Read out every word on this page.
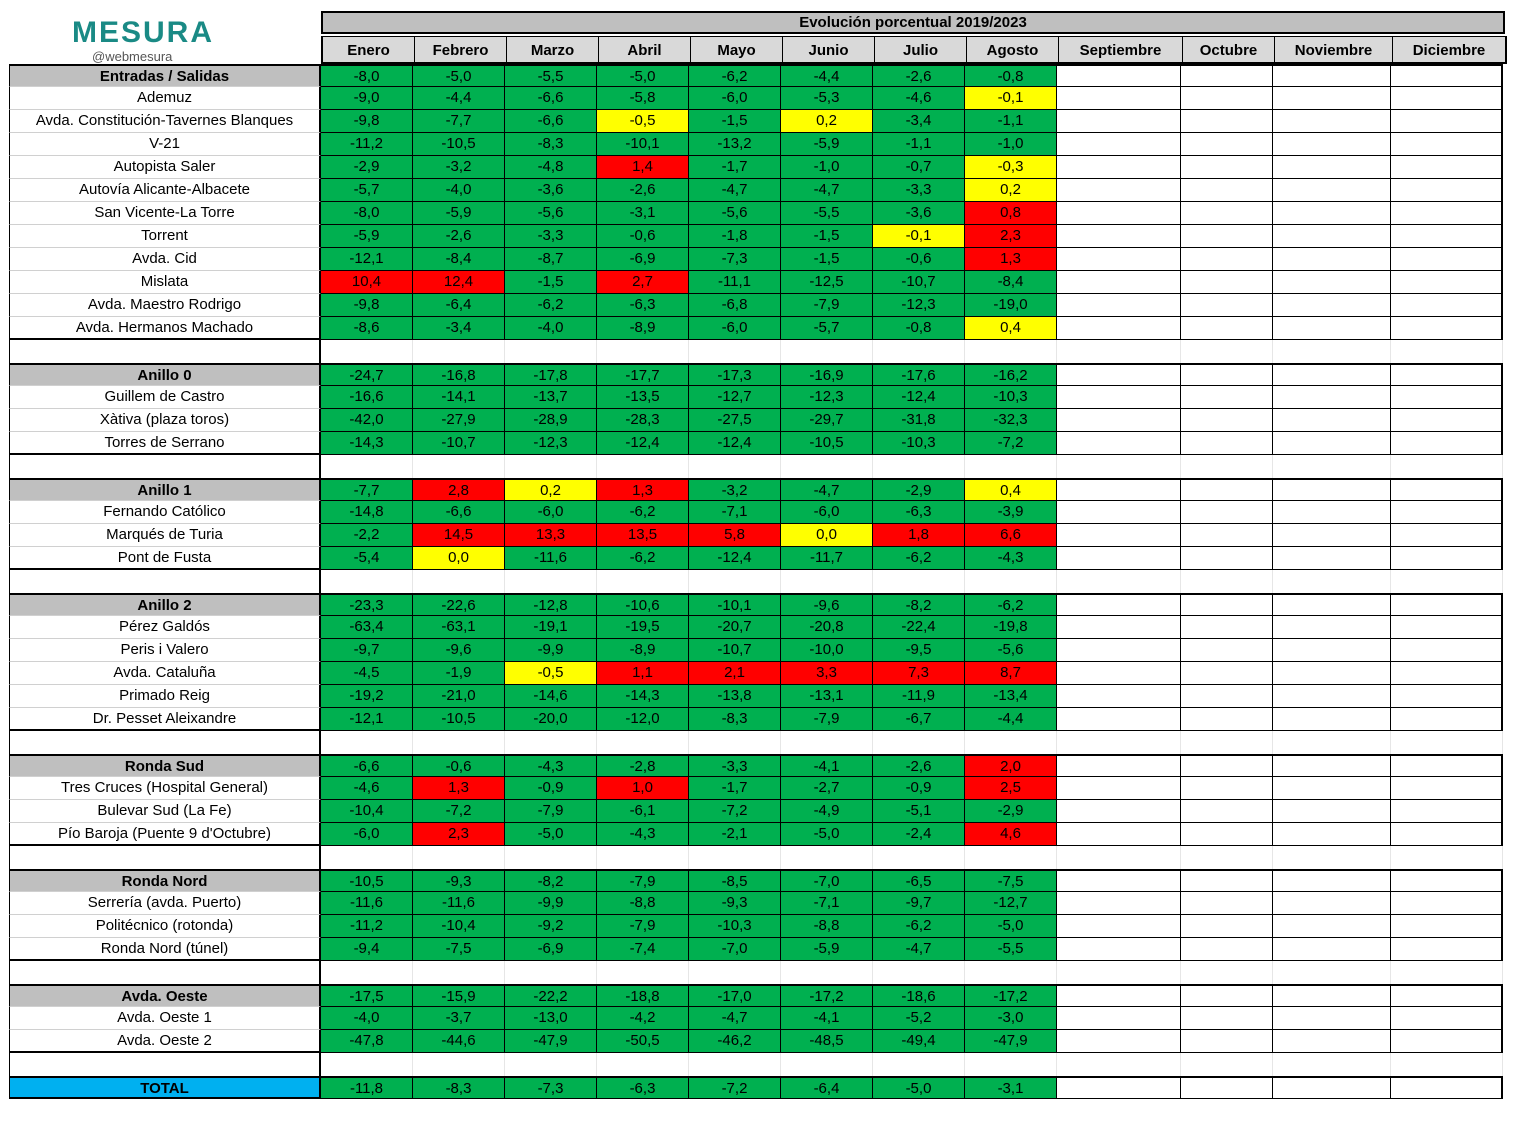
MESURA
@webmesura
Evolución porcentual 2019/2023
Enero	Febrero	Marzo	Abril	Mayo	Junio	Julio	Agosto	Septiembre	Octubre	Noviembre	Diciembre
Entradas / Salidas	-8,0	-5,0	-5,5	-5,0	-6,2	-4,4	-2,6	-0,8
Ademuz	-9,0	-4,4	-6,6	-5,8	-6,0	-5,3	-4,6	-0,1
Avda. Constitución-Tavernes Blanques	-9,8	-7,7	-6,6	-0,5	-1,5	0,2	-3,4	-1,1
V-21	-11,2	-10,5	-8,3	-10,1	-13,2	-5,9	-1,1	-1,0
Autopista Saler	-2,9	-3,2	-4,8	1,4	-1,7	-1,0	-0,7	-0,3
Autovía Alicante-Albacete	-5,7	-4,0	-3,6	-2,6	-4,7	-4,7	-3,3	0,2
San Vicente-La Torre	-8,0	-5,9	-5,6	-3,1	-5,6	-5,5	-3,6	0,8
Torrent	-5,9	-2,6	-3,3	-0,6	-1,8	-1,5	-0,1	2,3
Avda. Cid	-12,1	-8,4	-8,7	-6,9	-7,3	-1,5	-0,6	1,3
Mislata	10,4	12,4	-1,5	2,7	-11,1	-12,5	-10,7	-8,4
Avda. Maestro Rodrigo	-9,8	-6,4	-6,2	-6,3	-6,8	-7,9	-12,3	-19,0
Avda. Hermanos Machado	-8,6	-3,4	-4,0	-8,9	-6,0	-5,7	-0,8	0,4
Anillo 0	-24,7	-16,8	-17,8	-17,7	-17,3	-16,9	-17,6	-16,2
Guillem de Castro	-16,6	-14,1	-13,7	-13,5	-12,7	-12,3	-12,4	-10,3
Xàtiva (plaza toros)	-42,0	-27,9	-28,9	-28,3	-27,5	-29,7	-31,8	-32,3
Torres de Serrano	-14,3	-10,7	-12,3	-12,4	-12,4	-10,5	-10,3	-7,2
Anillo 1	-7,7	2,8	0,2	1,3	-3,2	-4,7	-2,9	0,4
Fernando Católico	-14,8	-6,6	-6,0	-6,2	-7,1	-6,0	-6,3	-3,9
Marqués de Turia	-2,2	14,5	13,3	13,5	5,8	0,0	1,8	6,6
Pont de Fusta	-5,4	0,0	-11,6	-6,2	-12,4	-11,7	-6,2	-4,3
Anillo 2	-23,3	-22,6	-12,8	-10,6	-10,1	-9,6	-8,2	-6,2
Pérez Galdós	-63,4	-63,1	-19,1	-19,5	-20,7	-20,8	-22,4	-19,8
Peris i Valero	-9,7	-9,6	-9,9	-8,9	-10,7	-10,0	-9,5	-5,6
Avda. Cataluña	-4,5	-1,9	-0,5	1,1	2,1	3,3	7,3	8,7
Primado Reig	-19,2	-21,0	-14,6	-14,3	-13,8	-13,1	-11,9	-13,4
Dr. Pesset Aleixandre	-12,1	-10,5	-20,0	-12,0	-8,3	-7,9	-6,7	-4,4
Ronda Sud	-6,6	-0,6	-4,3	-2,8	-3,3	-4,1	-2,6	2,0
Tres Cruces (Hospital General)	-4,6	1,3	-0,9	1,0	-1,7	-2,7	-0,9	2,5
Bulevar Sud (La Fe)	-10,4	-7,2	-7,9	-6,1	-7,2	-4,9	-5,1	-2,9
Pío Baroja (Puente 9 d'Octubre)	-6,0	2,3	-5,0	-4,3	-2,1	-5,0	-2,4	4,6
Ronda Nord	-10,5	-9,3	-8,2	-7,9	-8,5	-7,0	-6,5	-7,5
Serrería (avda. Puerto)	-11,6	-11,6	-9,9	-8,8	-9,3	-7,1	-9,7	-12,7
Politécnico (rotonda)	-11,2	-10,4	-9,2	-7,9	-10,3	-8,8	-6,2	-5,0
Ronda Nord (túnel)	-9,4	-7,5	-6,9	-7,4	-7,0	-5,9	-4,7	-5,5
Avda. Oeste	-17,5	-15,9	-22,2	-18,8	-17,0	-17,2	-18,6	-17,2
Avda. Oeste 1	-4,0	-3,7	-13,0	-4,2	-4,7	-4,1	-5,2	-3,0
Avda. Oeste 2	-47,8	-44,6	-47,9	-50,5	-46,2	-48,5	-49,4	-47,9
TOTAL	-11,8	-8,3	-7,3	-6,3	-7,2	-6,4	-5,0	-3,1
